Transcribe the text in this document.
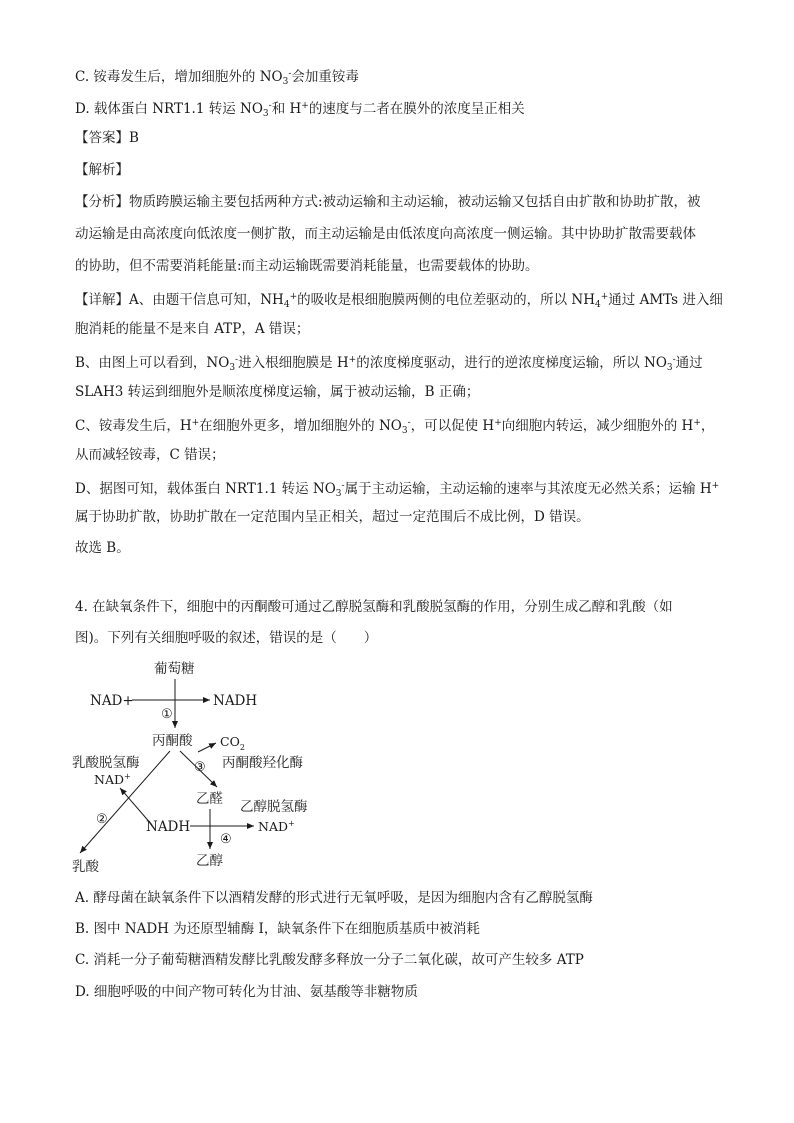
C. 铵毒发生后，增加细胞外的 $NO_3^-$会加重铵毒
D. 载体蛋白 NRT1.1 转运 $NO_3^-$和 H+的速度与二者在膜外的浓度呈正相关
【答案】B
【解析】
【分析】物质跨膜运输主要包括两种方式:被动运输和主动运输，被动运输又包括自由扩散和协助扩散，被
动运输是由高浓度向低浓度一侧扩散，而主动运输是由低浓度向高浓度一侧运输。其中协助扩散需要载体
的协助，但不需要消耗能量:而主动运输既需要消耗能量，也需要载体的协助。
【详解】A、由题干信息可知，$NH_4^+$的吸收是根细胞膜两侧的电位差驱动的，所以 $NH_4^+$通过 AMTs 进入细
胞消耗的能量不是来自 ATP，A 错误；
B、由图上可以看到，$NO_3^-$进入根细胞膜是 H+的浓度梯度驱动，进行的逆浓度梯度运输，所以 $NO_3^-$通过
SLAH3 转运到细胞外是顺浓度梯度运输，属于被动运输，B 正确；
C、铵毒发生后，H+在细胞外更多，增加细胞外的 $NO_3^-$，可以促使 H+向细胞内转运，减少细胞外的 H+，
从而减轻铵毒，C 错误；
D、据图可知，载体蛋白 NRT1.1 转运 $NO_3^-$属于主动运输，主动运输的速率与其浓度无必然关系；运输 H+
属于协助扩散，协助扩散在一定范围内呈正相关，超过一定范围后不成比例，D 错误。
故选 B。
4. 在缺氧条件下，细胞中的丙酮酸可通过乙醇脱氢酶和乳酸脱氢酶的作用，分别生成乙醇和乳酸（如
图)。下列有关细胞呼吸的叙述，错误的是（　　）
葡萄糖
NAD+	NADH
①
丙酮酸 $CO_2$
③ 丙酮酸羟化酶
乳酸脱氢酶
NAD+
②
乙醛 乙醇脱氢酶
NADH
④
NAD+
乳酸	乙醇
A. 酵母菌在缺氧条件下以酒精发酵的形式进行无氧呼吸，是因为细胞内含有乙醇脱氢酶
B. 图中 NADH 为还原型辅酶 I，缺氧条件下在细胞质基质中被消耗
C. 消耗一分子葡萄糖酒精发酵比乳酸发酵多释放一分子二氧化碳，故可产生较多 ATP
D. 细胞呼吸的中间产物可转化为甘油、氨基酸等非糖物质
